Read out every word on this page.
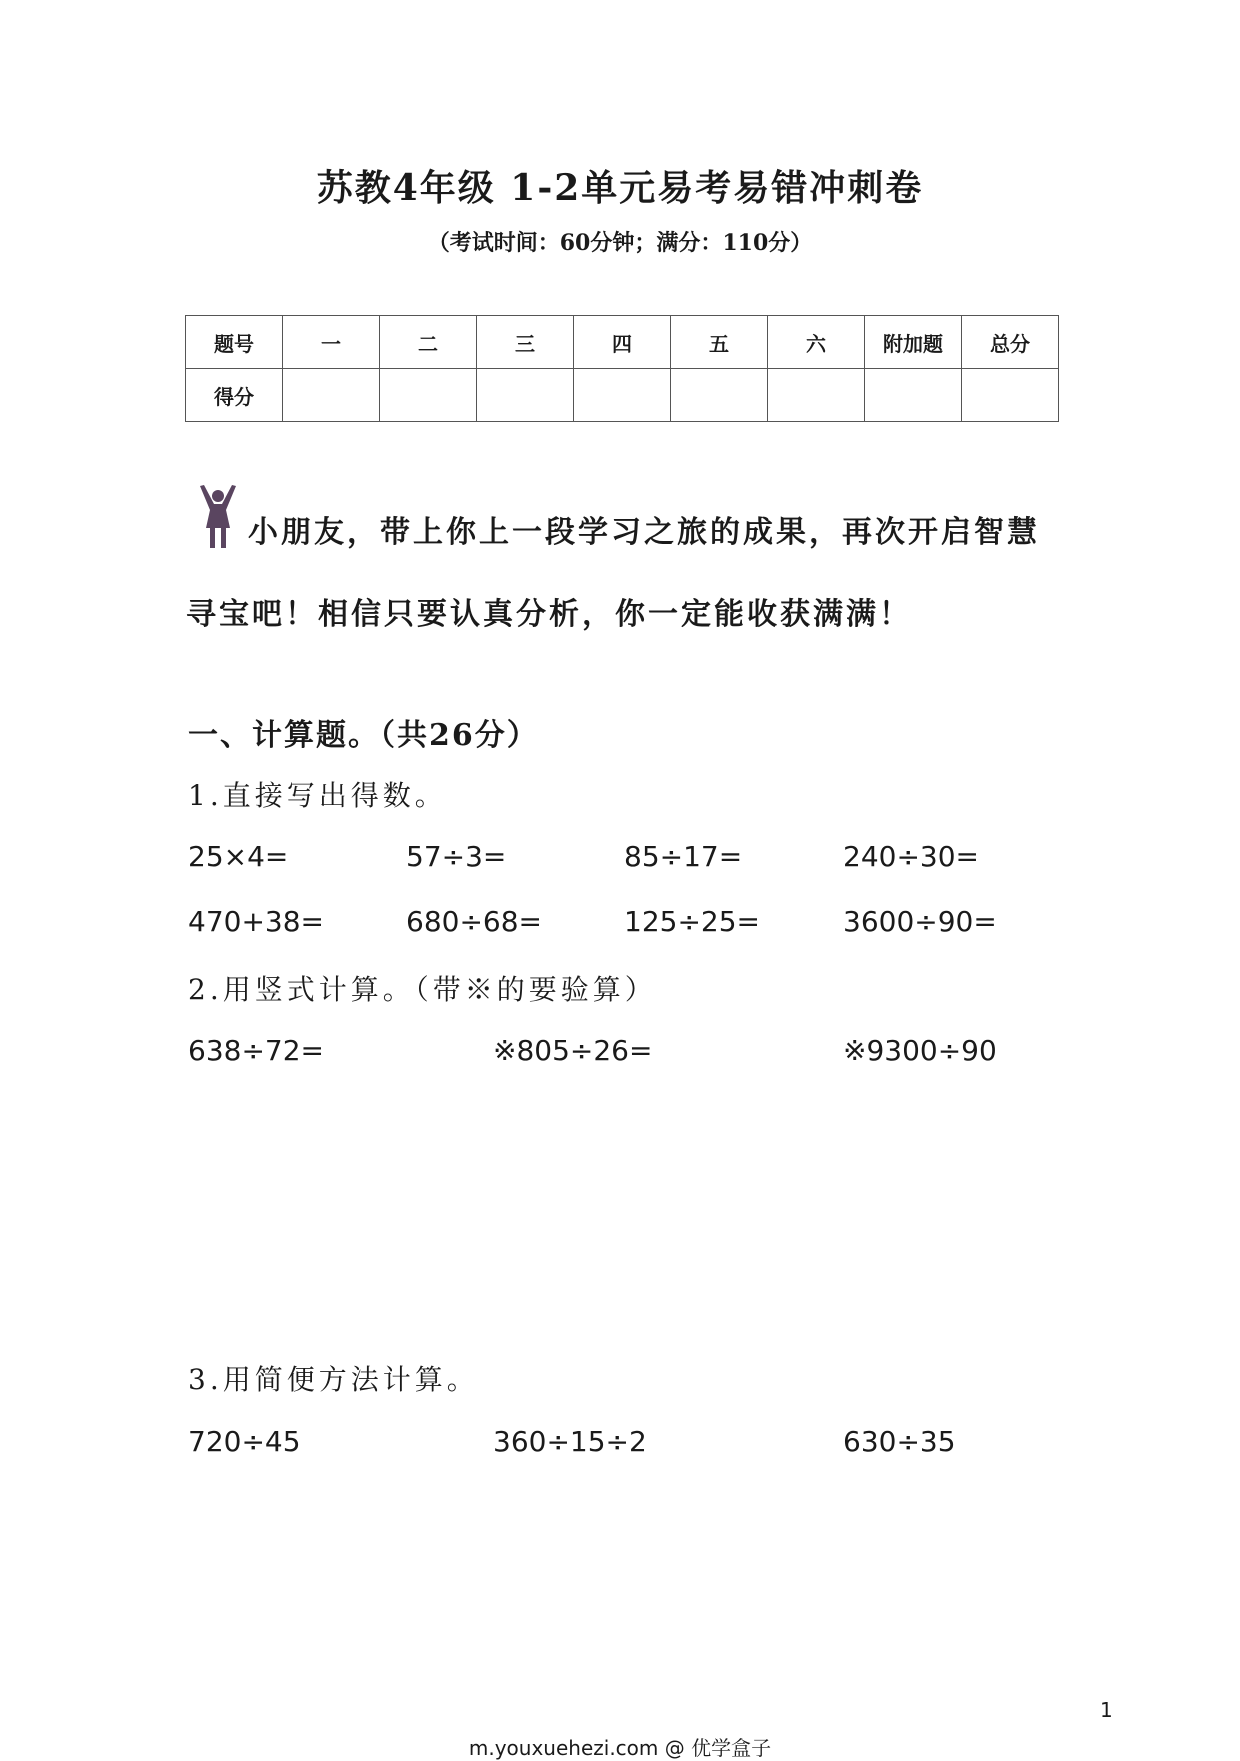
苏教4年级 1-2单元易考易错冲刺卷
（考试时间：60分钟；满分：110分）
题号	一	二	三	四	五	六	附加题	总分
得分								
小朋友，带上你上一段学习之旅的成果，再次开启智慧寻宝吧！相信只要认真分析，你一定能收获满满！
一、计算题。（共26分）
1.直接写出得数。
25×4=	57÷3=	85÷17=	240÷30=
470+38=	680÷68=	125÷25=	3600÷90=
2.用竖式计算。（带※的要验算）
638÷72=	※805÷26=	※9300÷90
3.用简便方法计算。
720÷45	360÷15÷2	630÷35
1
m.youxuehezi.com @ 优学盒子
